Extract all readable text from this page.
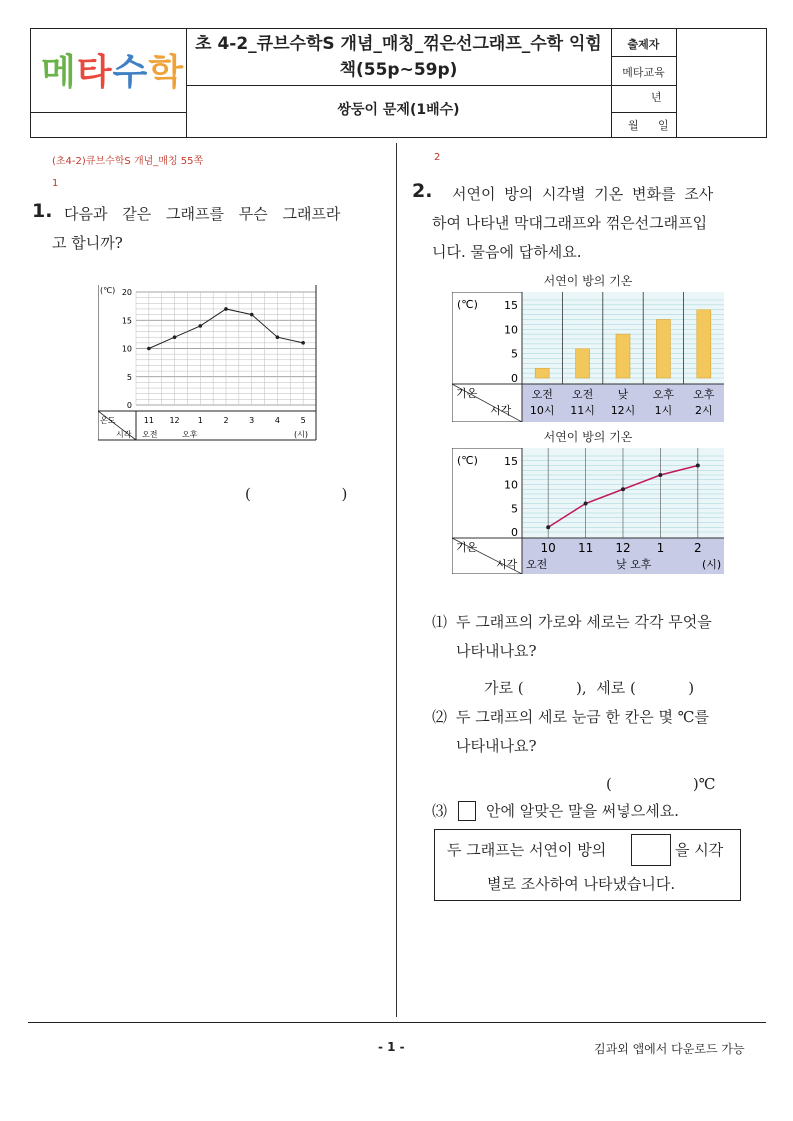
메타수학
초 4-2_큐브수학S 개념_매칭_꺾은선그래프_수학 익힘
책(55p~59p)
쌍둥이 문제(1배수)
출제자
메타교육
년
월 일
(초4-2)큐브수학S 개념_매칭 55쪽
1
1. 다음과 같은 그래프를 무슨 그래프라
고 합니까?
(℃) 20
15
10
5
0
온도
시각
11 12 1	2	3	4	5
오전	오후	(시)
(                   )
2
2. 서연이 방의 시각별 기온 변화를 조사
하여 나타낸 막대그래프와 꺾은선그래프입
니다. 물음에 답하세요.
서연이 방의 기온
(℃) 15
10
5
0
기온
시각
오전
10시
오전
11시
낮
12시
오후
1시
오후
2시
서연이 방의 기온
(℃) 15
10
5
0
기온
시각
10 11 12 1 2
오전	낮 오후	(시)
⑴ 두 그래프의 가로와 세로는 각각 무엇을
나타내나요?
가로 (           ),  세로 (           )
⑵ 두 그래프의 세로 눈금 한 칸은 몇 ℃를
나타내나요?
(                 )℃
⑶	안에 알맞은 말을 써넣으세요.
두 그래프는 서연이 방의	을 시각
별로 조사하여 나타냈습니다.
- 1 -	김과외 앱에서 다운로드 가능
